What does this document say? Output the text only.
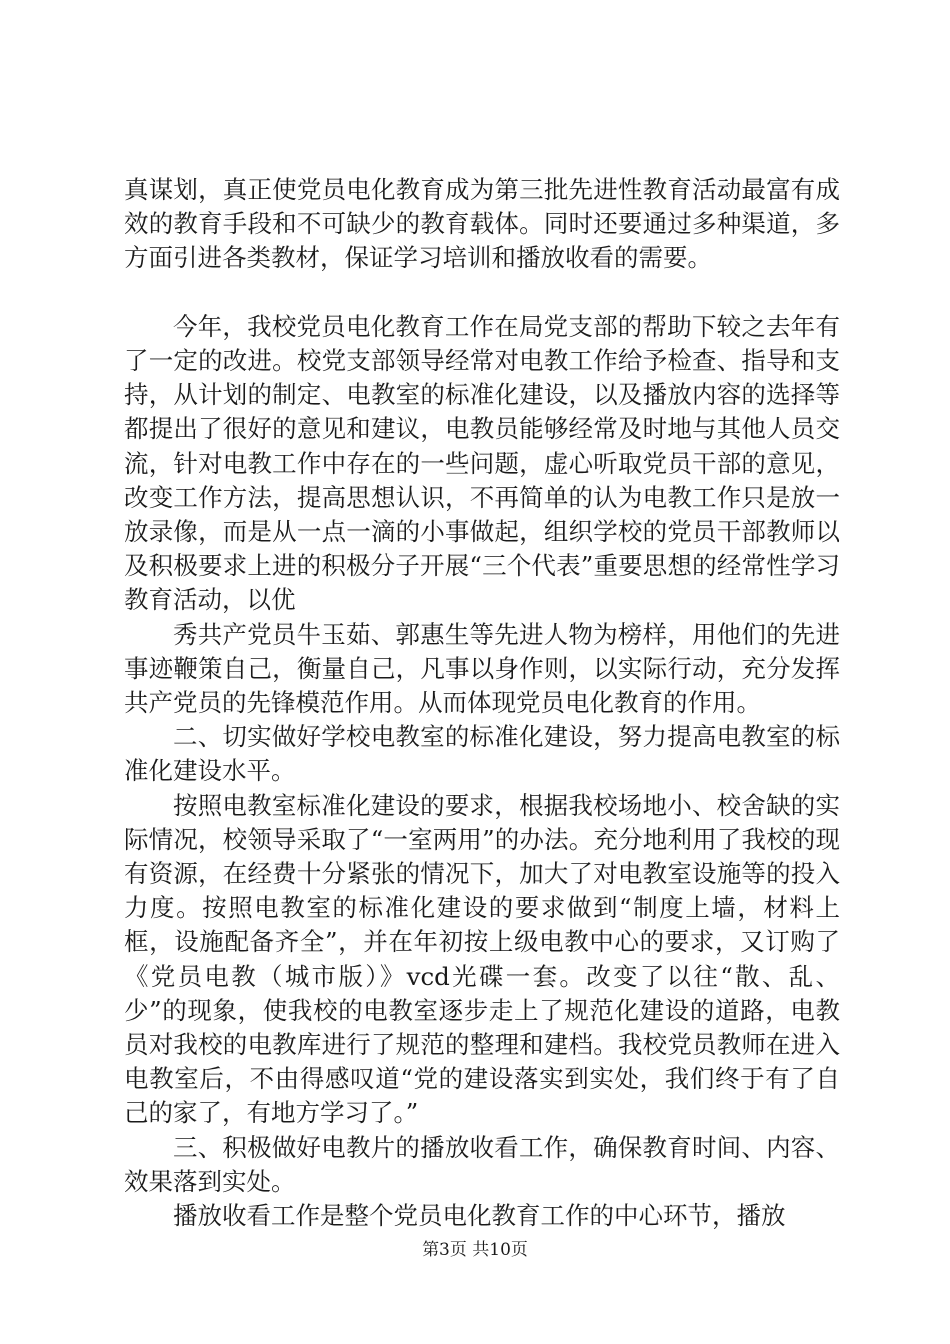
真谋划，真正使党员电化教育成为第三批先进性教育活动最富有成效的教育手段和不可缺少的教育载体。同时还要通过多种渠道，多方面引进各类教材，保证学习培训和播放收看的需要。

今年，我校党员电化教育工作在局党支部的帮助下较之去年有了一定的改进。校党支部领导经常对电教工作给予检查、指导和支持，从计划的制定、电教室的标准化建设，以及播放内容的选择等都提出了很好的意见和建议，电教员能够经常及时地与其他人员交流，针对电教工作中存在的一些问题，虚心听取党员干部的意见，改变工作方法，提高思想认识，不再简单的认为电教工作只是放一放录像，而是从一点一滴的小事做起，组织学校的党员干部教师以及积极要求上进的积极分子开展“三个代表”重要思想的经常性学习教育活动，以优

秀共产党员牛玉茹、郭惠生等先进人物为榜样，用他们的先进事迹鞭策自己，衡量自己，凡事以身作则，以实际行动，充分发挥共产党员的先锋模范作用。从而体现党员电化教育的作用。

二、切实做好学校电教室的标准化建设，努力提高电教室的标准化建设水平。

按照电教室标准化建设的要求，根据我校场地小、校舍缺的实际情况，校领导采取了“一室两用”的办法。充分地利用了我校的现有资源，在经费十分紧张的情况下，加大了对电教室设施等的投入力度。按照电教室的标准化建设的要求做到“制度上墙，材料上框，设施配备齐全”，并在年初按上级电教中心的要求，又订购了《党员电教（城市版）》vcd光碟一套。改变了以往“散、乱、少”的现象，使我校的电教室逐步走上了规范化建设的道路，电教员对我校的电教库进行了规范的整理和建档。我校党员教师在进入电教室后，不由得感叹道“党的建设落实到实处，我们终于有了自己的家了，有地方学习了。”

三、积极做好电教片的播放收看工作，确保教育时间、内容、效果落到实处。

播放收看工作是整个党员电化教育工作的中心环节，播放

第3页 共10页
